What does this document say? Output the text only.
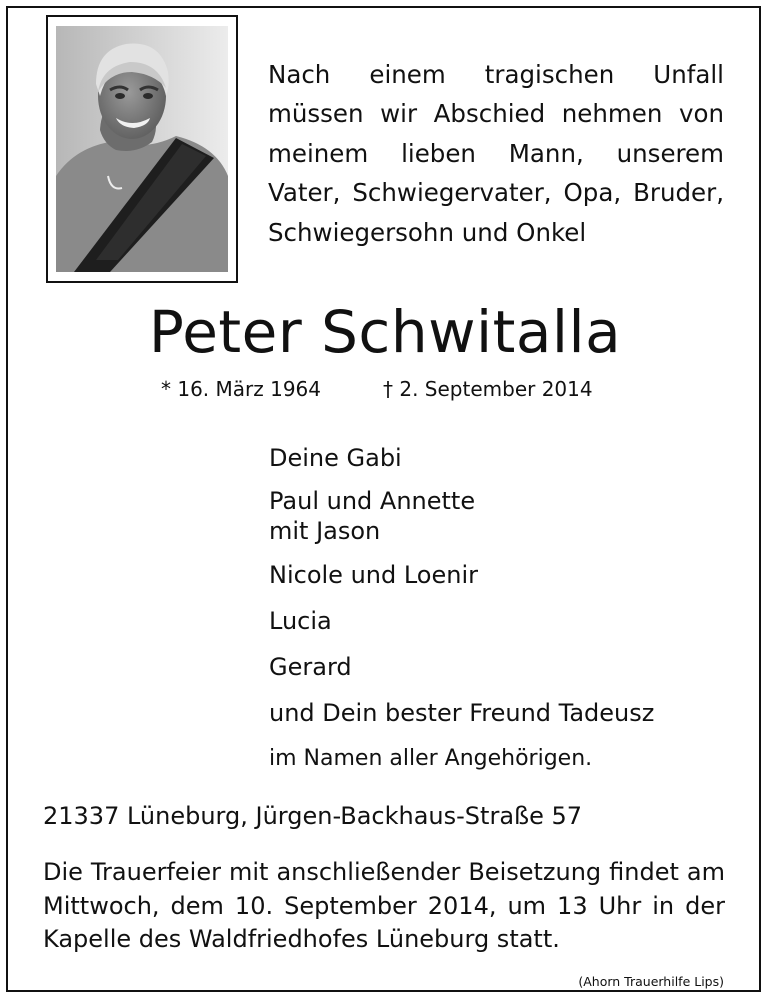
Nach einem tragischen Unfall müssen wir Abschied nehmen von meinem lieben Mann, unserem Vater, Schwiegervater, Opa, Bruder, Schwiegersohn und Onkel
Peter Schwitalla
* 16. März 1964	† 2. September 2014
Deine Gabi
Paul und Annette
mit Jason
Nicole und Loenir
Lucia
Gerard
und Dein bester Freund Tadeusz
im Namen aller Angehörigen.
21337 Lüneburg, Jürgen-Backhaus-Straße 57
Die Trauerfeier mit anschließender Beisetzung findet am Mittwoch, dem 10. September 2014, um 13 Uhr in der Kapelle des Waldfriedhofes Lüneburg statt.
(Ahorn Trauerhilfe Lips)
